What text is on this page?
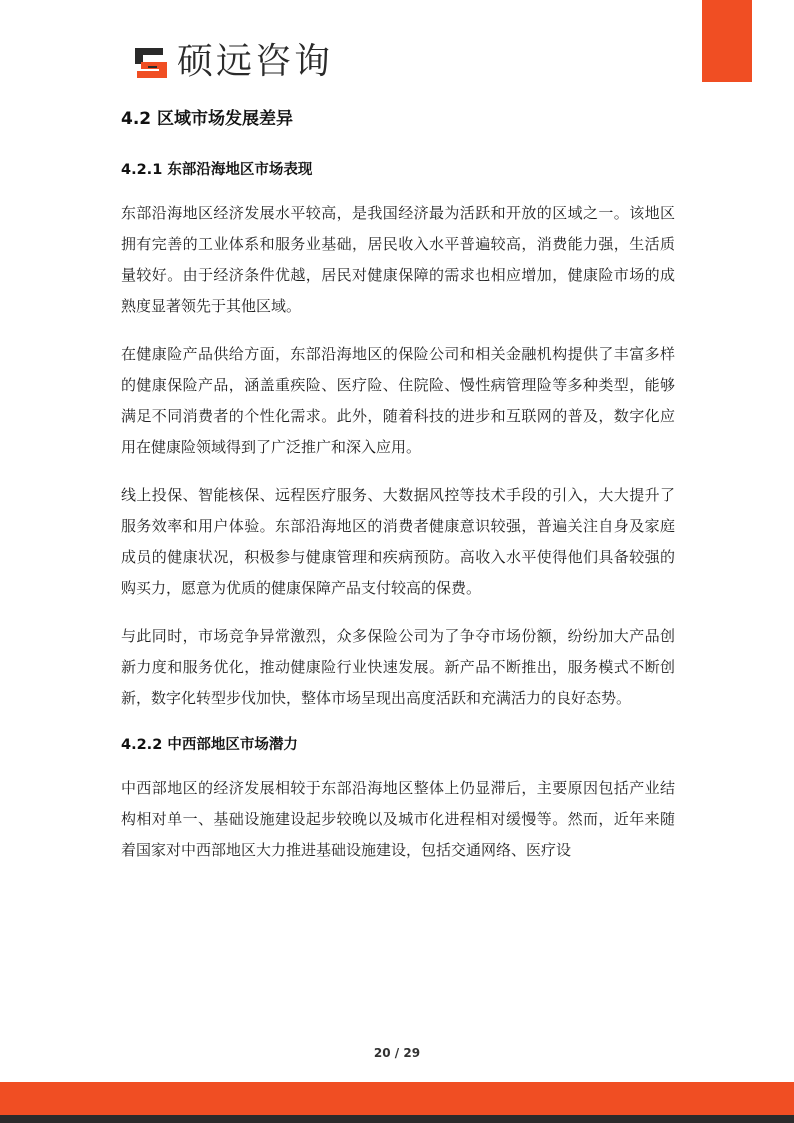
硕远咨询
4.2 区域市场发展差异
4.2.1 东部沿海地区市场表现

东部沿海地区经济发展水平较高，是我国经济最为活跃和开放的区域之一。该地区拥有完善的工业体系和服务业基础，居民收入水平普遍较高，消费能力强，生活质量较好。由于经济条件优越，居民对健康保障的需求也相应增加，健康险市场的成熟度显著领先于其他区域。

在健康险产品供给方面，东部沿海地区的保险公司和相关金融机构提供了丰富多样的健康保险产品，涵盖重疾险、医疗险、住院险、慢性病管理险等多种类型，能够满足不同消费者的个性化需求。此外，随着科技的进步和互联网的普及，数字化应用在健康险领域得到了广泛推广和深入应用。

线上投保、智能核保、远程医疗服务、大数据风控等技术手段的引入，大大提升了服务效率和用户体验。东部沿海地区的消费者健康意识较强，普遍关注自身及家庭成员的健康状况，积极参与健康管理和疾病预防。高收入水平使得他们具备较强的购买力，愿意为优质的健康保障产品支付较高的保费。

与此同时，市场竞争异常激烈，众多保险公司为了争夺市场份额，纷纷加大产品创新力度和服务优化，推动健康险行业快速发展。新产品不断推出，服务模式不断创新，数字化转型步伐加快，整体市场呈现出高度活跃和充满活力的良好态势。

4.2.2 中西部地区市场潜力

中西部地区的经济发展相较于东部沿海地区整体上仍显滞后，主要原因包括产业结构相对单一、基础设施建设起步较晚以及城市化进程相对缓慢等。然而，近年来随着国家对中西部地区大力推进基础设施建设，包括交通网络、医疗设

20 / 29
